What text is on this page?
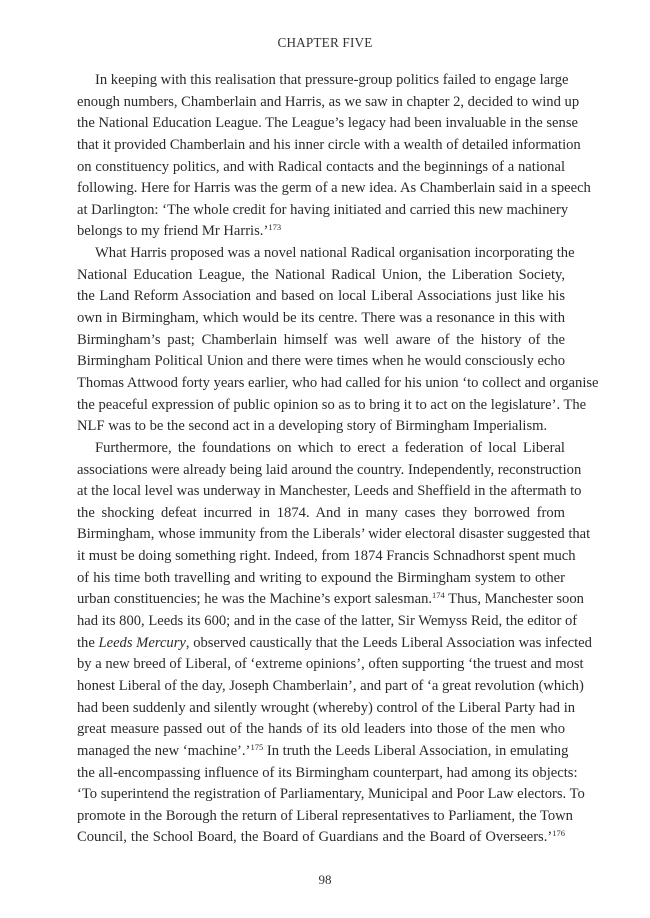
CHAPTER FIVE
In keeping with this realisation that pressure-group politics failed to engage large
enough numbers, Chamberlain and Harris, as we saw in chapter 2, decided to wind up
the National Education League. The League’s legacy had been invaluable in the sense
that it provided Chamberlain and his inner circle with a wealth of detailed information
on constituency politics, and with Radical contacts and the beginnings of a national
following. Here for Harris was the germ of a new idea. As Chamberlain said in a speech
at Darlington: ‘The whole credit for having initiated and carried this new machinery
belongs to my friend Mr Harris.’$^{173}$
What Harris proposed was a novel national Radical organisation incorporating the
National Education League, the National Radical Union, the Liberation Society,
the Land Reform Association and based on local Liberal Associations just like his
own in Birmingham, which would be its centre. There was a resonance in this with
Birmingham’s past; Chamberlain himself was well aware of the history of the
Birmingham Political Union and there were times when he would consciously echo
Thomas Attwood forty years earlier, who had called for his union ‘to collect and organise
the peaceful expression of public opinion so as to bring it to act on the legislature’. The
NLF was to be the second act in a developing story of Birmingham Imperialism.
Furthermore, the foundations on which to erect a federation of local Liberal
associations were already being laid around the country. Independently, reconstruction
at the local level was underway in Manchester, Leeds and Sheffield in the aftermath to
the shocking defeat incurred in 1874. And in many cases they borrowed from
Birmingham, whose immunity from the Liberals’ wider electoral disaster suggested that
it must be doing something right. Indeed, from 1874 Francis Schnadhorst spent much
of his time both travelling and writing to expound the Birmingham system to other
urban constituencies; he was the Machine’s export salesman.$^{174}$ Thus, Manchester soon
had its 800, Leeds its 600; and in the case of the latter, Sir Wemyss Reid, the editor of
the Leeds Mercury, observed caustically that the Leeds Liberal Association was infected
by a new breed of Liberal, of ‘extreme opinions’, often supporting ‘the truest and most
honest Liberal of the day, Joseph Chamberlain’, and part of ‘a great revolution (which)
had been suddenly and silently wrought (whereby) control of the Liberal Party had in
great measure passed out of the hands of its old leaders into those of the men who
managed the new ‘machine’.’$^{175}$ In truth the Leeds Liberal Association, in emulating
the all-encompassing influence of its Birmingham counterpart, had among its objects:
‘To superintend the registration of Parliamentary, Municipal and Poor Law electors. To
promote in the Borough the return of Liberal representatives to Parliament, the Town
Council, the School Board, the Board of Guardians and the Board of Overseers.’$^{176}$
98
